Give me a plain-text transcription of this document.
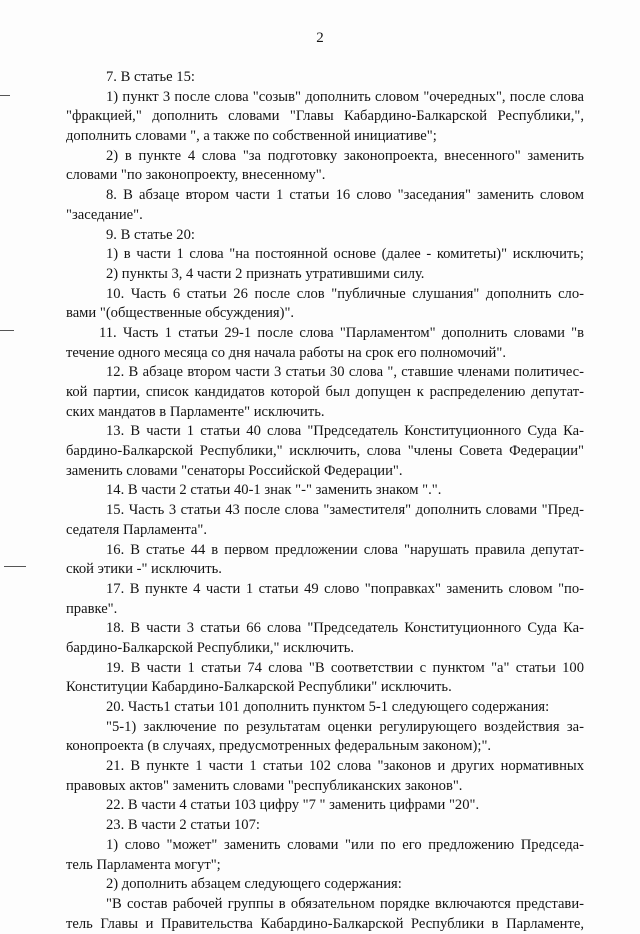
2
7. В статье 15:
1) пункт 3 после слова "созыв" дополнить словом "очередных", после слова
"фракцией," дополнить словами "Главы Кабардино-Балкарской Республики,",
дополнить словами ", а также по собственной инициативе";
2) в пункте 4 слова "за подготовку законопроекта, внесенного" заменить
словами "по законопроекту, внесенному".
8. В абзаце втором части 1 статьи 16 слово "заседания" заменить словом
"заседание".
9. В статье 20:
1) в части 1 слова "на постоянной основе (далее - комитеты)" исключить;
2) пункты 3, 4 части 2 признать утратившими силу.
10. Часть 6 статьи 26 после слов "публичные слушания" дополнить сло-
вами "(общественные обсуждения)".
11. Часть 1 статьи 29-1 после слова "Парламентом" дополнить словами "в
течение одного месяца со дня начала работы на срок его полномочий".
12. В абзаце втором части 3 статьи 30 слова ", ставшие членами политичес-
кой партии, список кандидатов которой был допущен к распределению депутат-
ских мандатов в Парламенте" исключить.
13. В части 1 статьи 40 слова "Председатель Конституционного Суда Ка-
бардино-Балкарской Республики," исключить, слова "члены Совета Федерации"
заменить словами "сенаторы Российской Федерации".
14. В части 2 статьи 40-1 знак "-" заменить знаком ".".
15. Часть 3 статьи 43 после слова "заместителя" дополнить словами "Пред-
седателя Парламента".
16. В статье 44 в первом предложении слова "нарушать правила депутат-
ской этики -" исключить.
17. В пункте 4 части 1 статьи 49 слово "поправках" заменить словом "по-
правке".
18. В части 3 статьи 66 слова "Председатель Конституционного Суда Ка-
бардино-Балкарской Республики," исключить.
19. В части 1 статьи 74 слова "В соответствии с пунктом "а" статьи 100
Конституции Кабардино-Балкарской Республики" исключить.
20. Часть1 статьи 101 дополнить пунктом 5-1 следующего содержания:
"5-1) заключение по результатам оценки регулирующего воздействия за-
конопроекта (в случаях, предусмотренных федеральным законом);".
21. В пункте 1 части 1 статьи 102 слова "законов и других нормативных
правовых актов" заменить словами "республиканских законов".
22. В части 4 статьи 103 цифру "7 " заменить цифрами "20".
23. В части 2 статьи 107:
1) слово "может" заменить словами "или по его предложению Председа-
тель Парламента могут";
2) дополнить абзацем следующего содержания:
"В состав рабочей группы в обязательном порядке включаются представи-
тель Главы и Правительства Кабардино-Балкарской Республики в Парламенте,
